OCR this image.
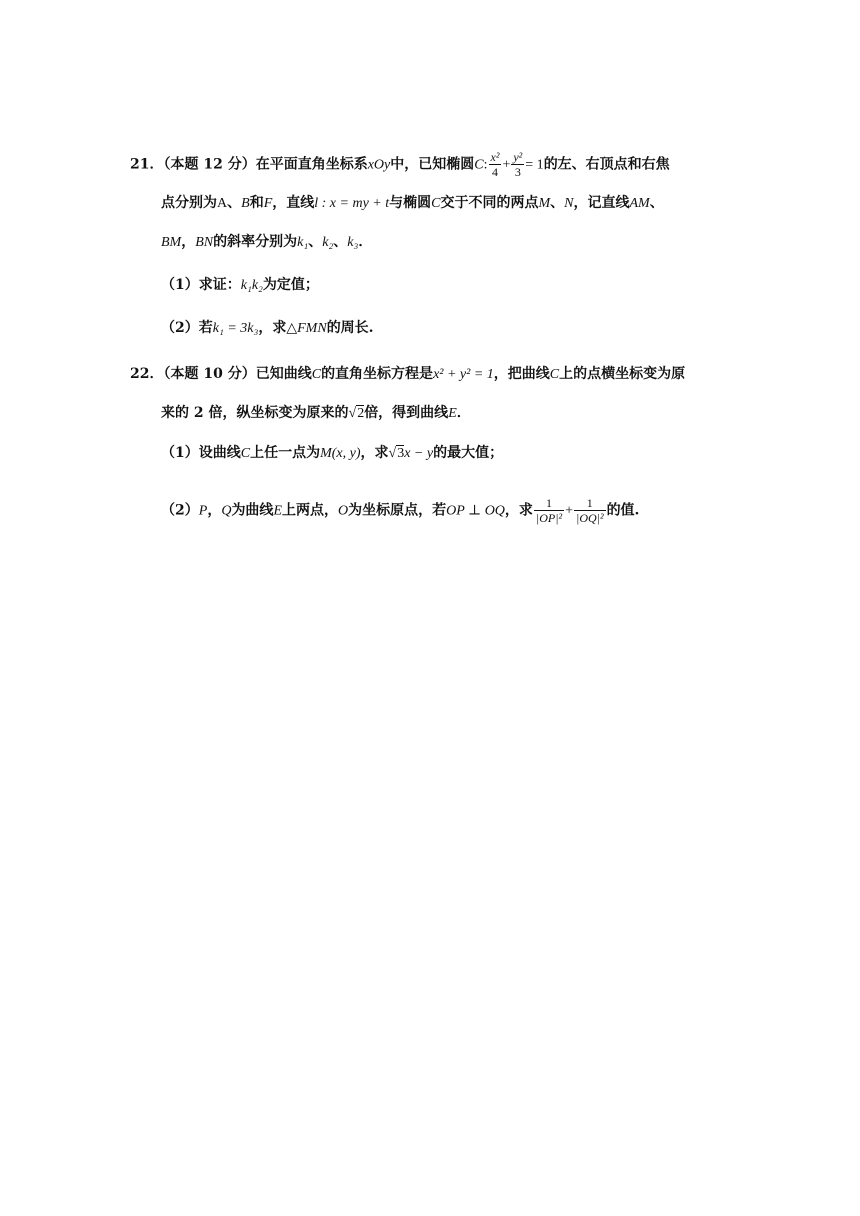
21．（本题 12 分）在平面直角坐标系xOy中，已知椭圆C: $\frac{\text{x²}}{4} + \frac{\text{y²}}{3} = 1$的左、右顶点和右焦
点分别为A、B和F，直线l : x = my + t与椭圆C交于不同的两点M、N，记直线AM、
BM，BN的斜率分别为k₁、k₂、k₃．
（1）求证：k₁k₂为定值；
（2）若k₁ = 3k₃，求△FMN的周长.
22．（本题 10 分）已知曲线C的直角坐标方程是x² + y² = 1，把曲线C上的点横坐标变为原
来的 2 倍，纵坐标变为原来的√2倍，得到曲线E．
（1）设曲线C上任一点为M(x, y)，求√3x − y的最大值；
（2）P，Q为曲线E上两点，O为坐标原点，若OP ⊥ OQ，求 $\frac{1}{\text{|OP|²}} + \frac{1}{\text{|OQ|²}}$ 的值.
